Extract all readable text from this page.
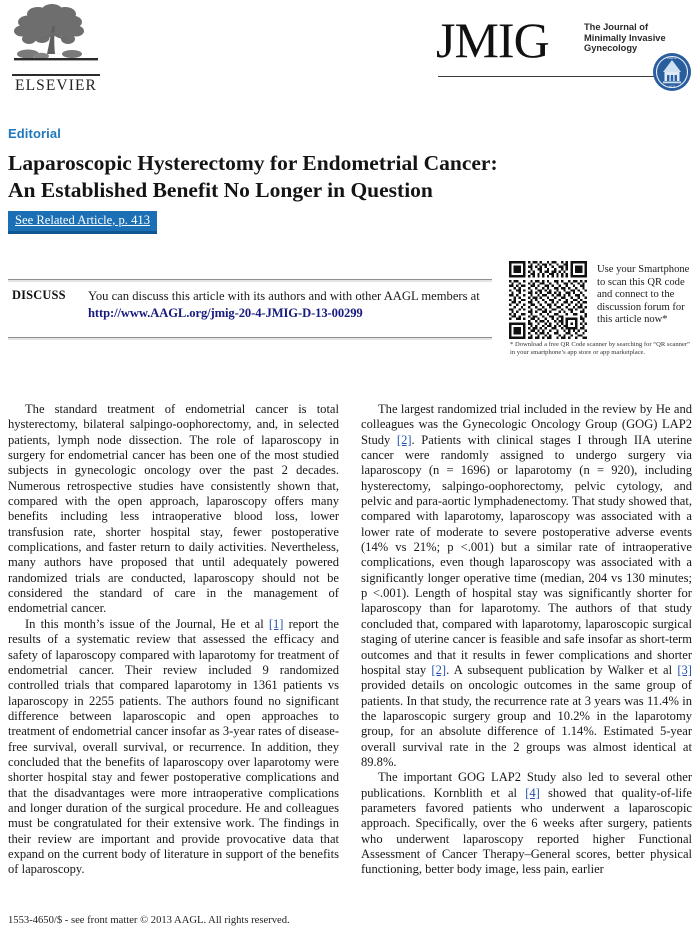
ELSEVIER
JMIG	The Journal of Minimally Invasive Gynecology
AAGL
1971
Editorial
Laparoscopic Hysterectomy for Endometrial Cancer:
An Established Benefit No Longer in Question
See Related Article, p. 413
DISCUSS You can discuss this article with its authors and with other AAGL members at
http://www.AAGL.org/jmig-20-4-JMIG-D-13-00299
Use your Smartphone to scan this QR code and connect to the discussion forum for this article now*
* Download a free QR Code scanner by searching for “QR scanner” in your smartphone’s app store or app marketplace.

The standard treatment of endometrial cancer is total hysterectomy, bilateral salpingo-oophorectomy, and, in selected patients, lymph node dissection. The role of laparoscopy in surgery for endometrial cancer has been one of the most studied subjects in gynecologic oncology over the past 2 decades. Numerous retrospective studies have consistently shown that, compared with the open approach, laparoscopy offers many benefits including less intraoperative blood loss, lower transfusion rate, shorter hospital stay, fewer postoperative complications, and faster return to daily activities. Nevertheless, many authors have proposed that until adequately powered randomized trials are conducted, laparoscopy should not be considered the standard of care in the management of endometrial cancer.

In this month’s issue of the Journal, He et al [1] report the results of a systematic review that assessed the efficacy and safety of laparoscopy compared with laparotomy for treatment of endometrial cancer. Their review included 9 randomized controlled trials that compared laparotomy in 1361 patients vs laparoscopy in 2255 patients. The authors found no significant difference between laparoscopic and open approaches to treatment of endometrial cancer insofar as 3-year rates of disease-free survival, overall survival, or recurrence. In addition, they concluded that the benefits of laparoscopy over laparotomy were shorter hospital stay and fewer postoperative complications and that the disadvantages were more intraoperative complications and longer duration of the surgical procedure. He and colleagues must be congratulated for their extensive work. The findings in their review are important and provide provocative data that expand on the current body of literature in support of the benefits of laparoscopy.

The largest randomized trial included in the review by He and colleagues was the Gynecologic Oncology Group (GOG) LAP2 Study [2]. Patients with clinical stages I through IIA uterine cancer were randomly assigned to undergo surgery via laparoscopy (n = 1696) or laparotomy (n = 920), including hysterectomy, salpingo-oophorectomy, pelvic cytology, and pelvic and para-aortic lymphadenectomy. That study showed that, compared with laparotomy, laparoscopy was associated with a lower rate of moderate to severe postoperative adverse events (14% vs 21%; p <.001) but a similar rate of intraoperative complications, even though laparoscopy was associated with a significantly longer operative time (median, 204 vs 130 minutes; p <.001). Length of hospital stay was significantly shorter for laparoscopy than for laparotomy. The authors of that study concluded that, compared with laparotomy, laparoscopic surgical staging of uterine cancer is feasible and safe insofar as short-term outcomes and that it results in fewer complications and shorter hospital stay [2]. A subsequent publication by Walker et al [3] provided details on oncologic outcomes in the same group of patients. In that study, the recurrence rate at 3 years was 11.4% in the laparoscopic surgery group and 10.2% in the laparotomy group, for an absolute difference of 1.14%. Estimated 5-year overall survival rate in the 2 groups was almost identical at 89.8%.

The important GOG LAP2 Study also led to several other publications. Kornblith et al [4] showed that quality-of-life parameters favored patients who underwent a laparoscopic approach. Specifically, over the 6 weeks after surgery, patients who underwent laparoscopy reported higher Functional Assessment of Cancer Therapy–General scores, better physical functioning, better body image, less pain, earlier

1553-4650/$ - see front matter © 2013 AAGL. All rights reserved.
